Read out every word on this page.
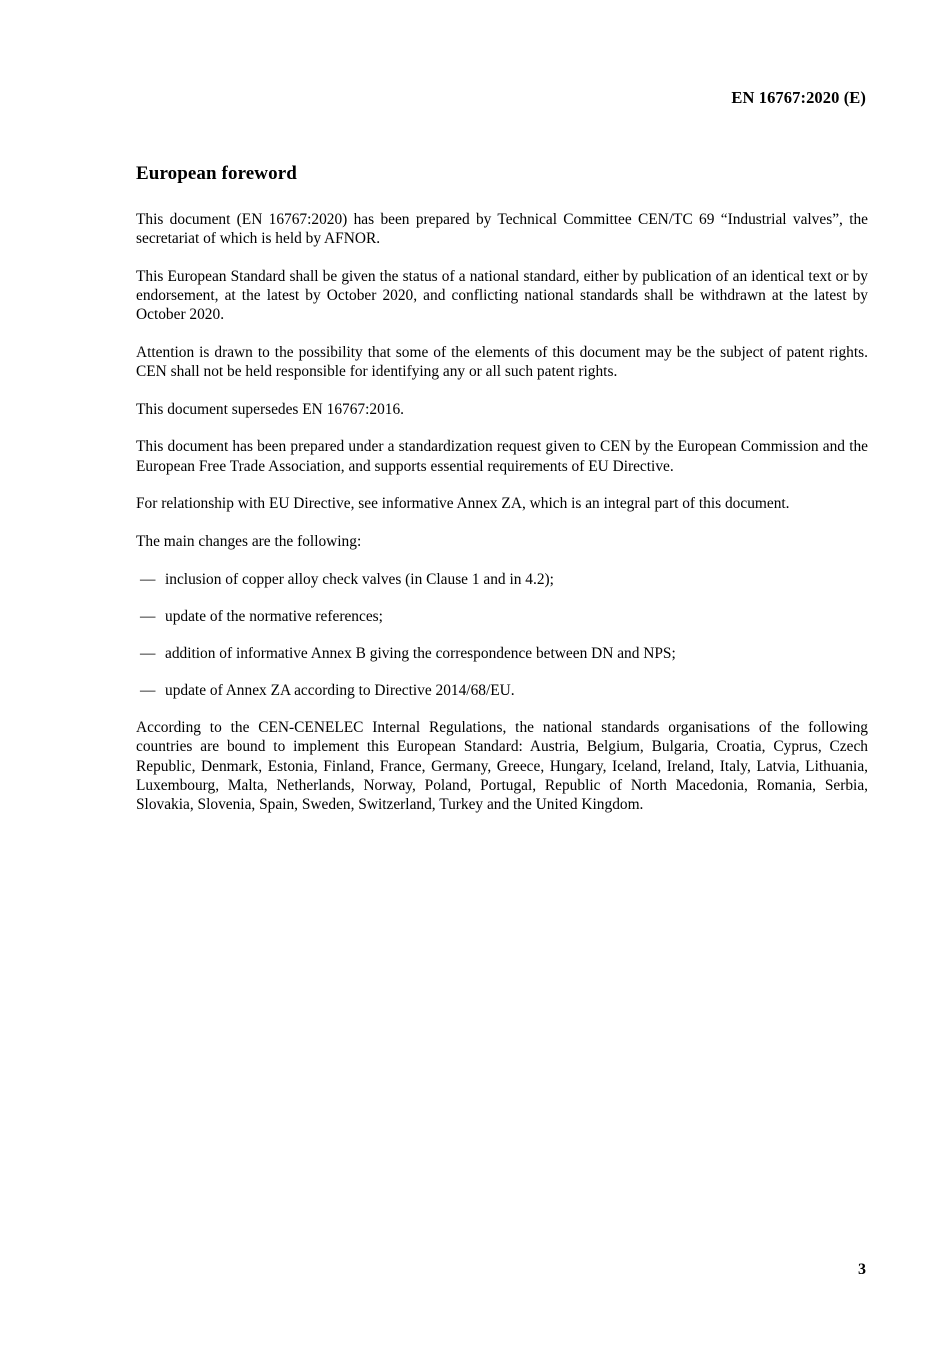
EN 16767:2020 (E)
European foreword

This document (EN 16767:2020) has been prepared by Technical Committee CEN/TC 69 “Industrial valves”, the secretariat of which is held by AFNOR.

This European Standard shall be given the status of a national standard, either by publication of an identical text or by endorsement, at the latest by October 2020, and conflicting national standards shall be withdrawn at the latest by October 2020.

Attention is drawn to the possibility that some of the elements of this document may be the subject of patent rights. CEN shall not be held responsible for identifying any or all such patent rights.

This document supersedes EN 16767:2016.

This document has been prepared under a standardization request given to CEN by the European Commission and the European Free Trade Association, and supports essential requirements of EU Directive.

For relationship with EU Directive, see informative Annex ZA, which is an integral part of this document.

The main changes are the following:

— inclusion of copper alloy check valves (in Clause 1 and in 4.2);
— update of the normative references;
— addition of informative Annex B giving the correspondence between DN and NPS;
— update of Annex ZA according to Directive 2014/68/EU.

According to the CEN-CENELEC Internal Regulations, the national standards organisations of the following countries are bound to implement this European Standard: Austria, Belgium, Bulgaria, Croatia, Cyprus, Czech Republic, Denmark, Estonia, Finland, France, Germany, Greece, Hungary, Iceland, Ireland, Italy, Latvia, Lithuania, Luxembourg, Malta, Netherlands, Norway, Poland, Portugal, Republic of North Macedonia, Romania, Serbia, Slovakia, Slovenia, Spain, Sweden, Switzerland, Turkey and the United Kingdom.

3
